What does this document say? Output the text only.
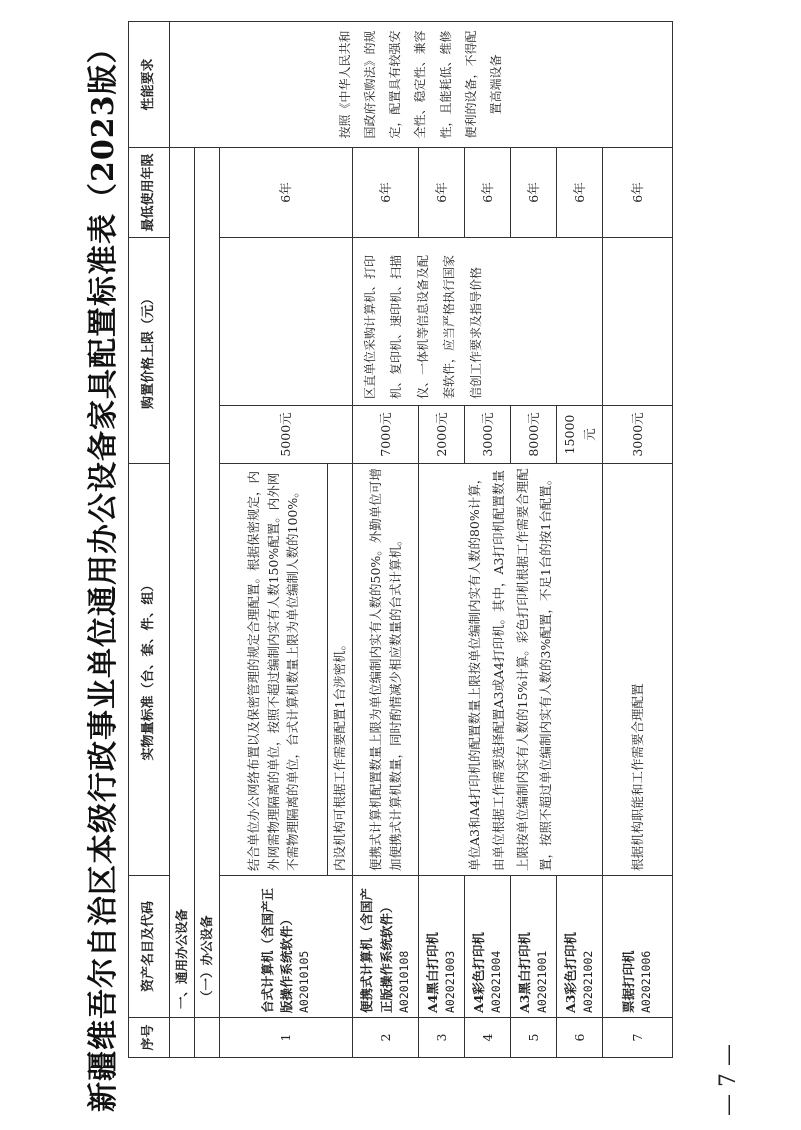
新疆维吾尔自治区本级行政事业单位通用办公设备家具配置标准表（2023版） 序号	资产名目及代码	实物量标准（台、套、件、组）	购置价格上限（元）		最低使用年限	性能要求
	一、通用办公设备					按照《中华人民共和国政府采购法》的规定，配置具有较强安全性、稳定性、兼容性，且能耗低、维修便利的设备，不得配置高端设备
	（一）办公设备					
1	台式计算机（含国产正版操作系统软件） A02010105	结合单位办公网络布置以及保密管理的规定合理配置。根据保密规定，内外网需物理隔离的单位，按照不超过编制内实有人数150%配置。内外网不需物理隔离的单位，台式计算机数量上限为单位编制人数的100%。	5000元		6年	
		内设机构可根据工作需要配置1台涉密机。				
2	便携式计算机（含国产正版操作系统软件） A02010108	便携式计算机配置数量上限为单位编制内实有人数的50%。外勤单位可增加便携式计算机数量，同时酌情减少相应数量的台式计算机。	7000元	区直单位采购计算机、打印机、复印机、速印机、扫描仪、一体机等信息设备及配套软件，应当严格执行国家信创工作要求及指导价格	6年	
3	A4黑白打印机 A02021003	单位A3和A4打印机的配置数量上限按单位编制内实有人数的80%计算，由单位根据工作需要选择配置A3或A4打印机。其中，A3打印机配置数量上限按单位编制内实有人数的15%计算。彩色打印机根据工作需要合理配置，按照不超过单位编制内实有人数的3%配置，不足1台的按1台配置。	2000元		6年	
4	A4彩色打印机 A02021004		3000元		6年	
5	A3黑白打印机 A02021001		8000元		6年	
6	A3彩色打印机 A02021002		15000元		6年	
7	票据打印机 A02021006	根据机构职能和工作需要合理配置	3000元		6年	
— 7 —
